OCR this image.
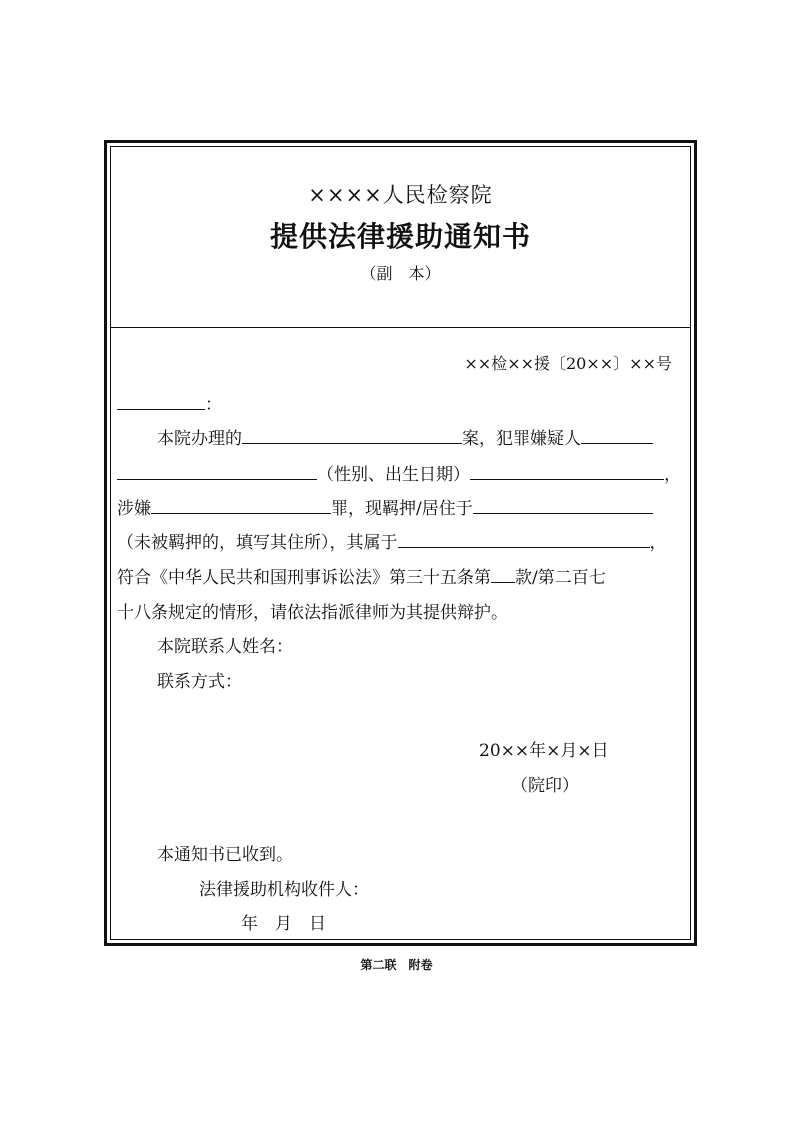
××××人民检察院
提供法律援助通知书
（副　本）
××检××援〔20××〕××号
：
本院办理的	案，犯罪嫌疑人
（性别、出生日期）	，
涉嫌	罪，现羁押/居住于
（未被羁押的，填写其住所），其属于	，
符合《中华人民共和国刑事诉讼法》第三十五条第 款/第二百七
十八条规定的情形，请依法指派律师为其提供辩护。
本院联系人姓名：
联系方式：
20××年×月×日
（院印）
本通知书已收到。
法律援助机构收件人：
年　月　日
第二联　附卷
